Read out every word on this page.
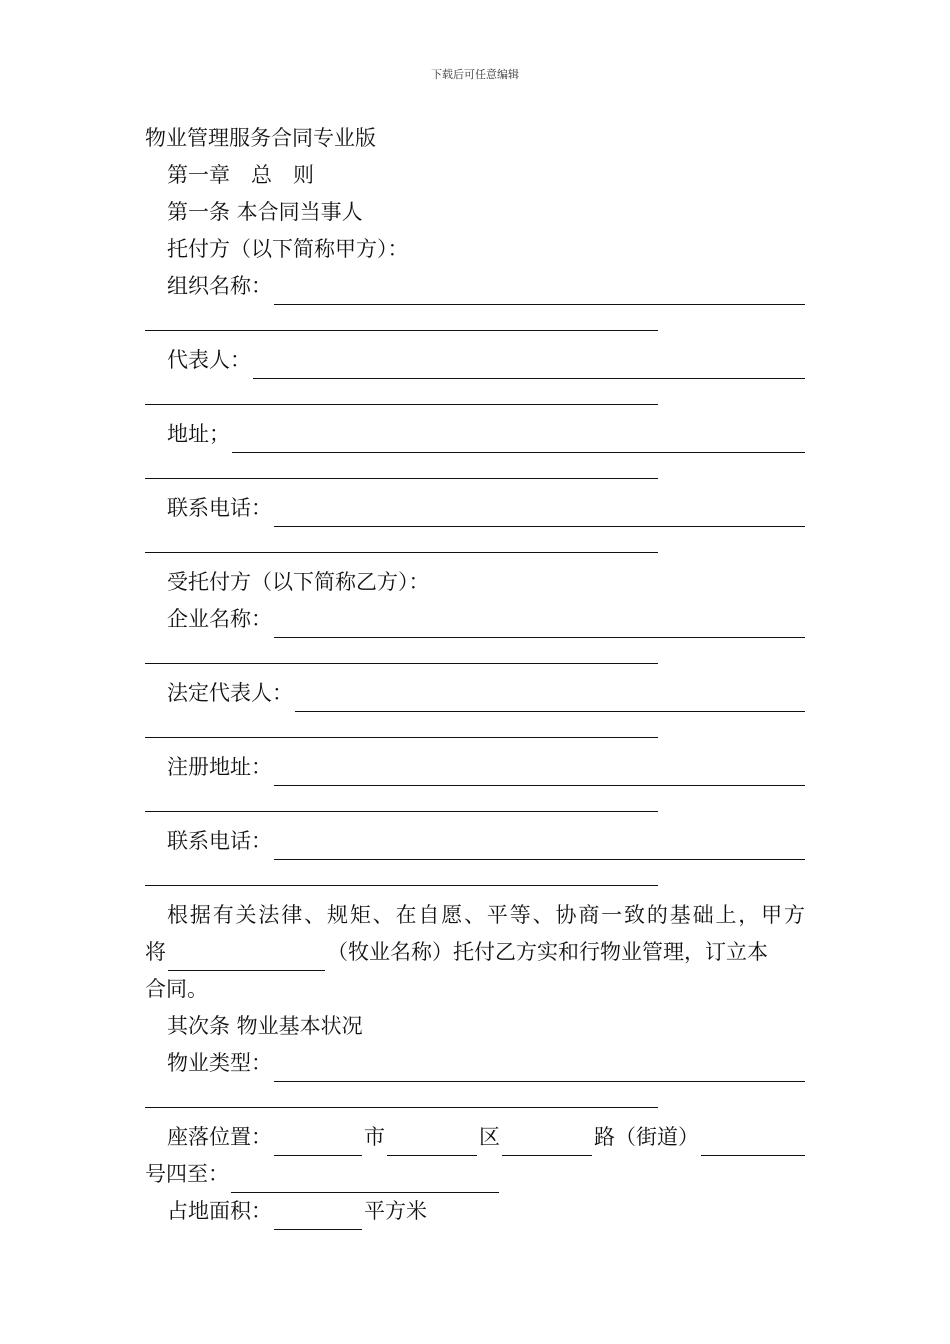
下载后可任意编辑
物业管理服务合同专业版
第一章　总　则
第一条 本合同当事人
托付方（以下简称甲方）：
组织名称：
代表人：
地址；
联系电话：
受托付方（以下简称乙方）：
企业名称：
法定代表人：
注册地址：
联系电话：
根据有关法律、规矩、在自愿、平等、协商一致的基础上，甲方
将	（牧业名称）托付乙方实和行物业管理，订立本
合同。
其次条 物业基本状况
物业类型：
座落位置：	市	区	路（街道）
号四至：
占地面积：	平方米
